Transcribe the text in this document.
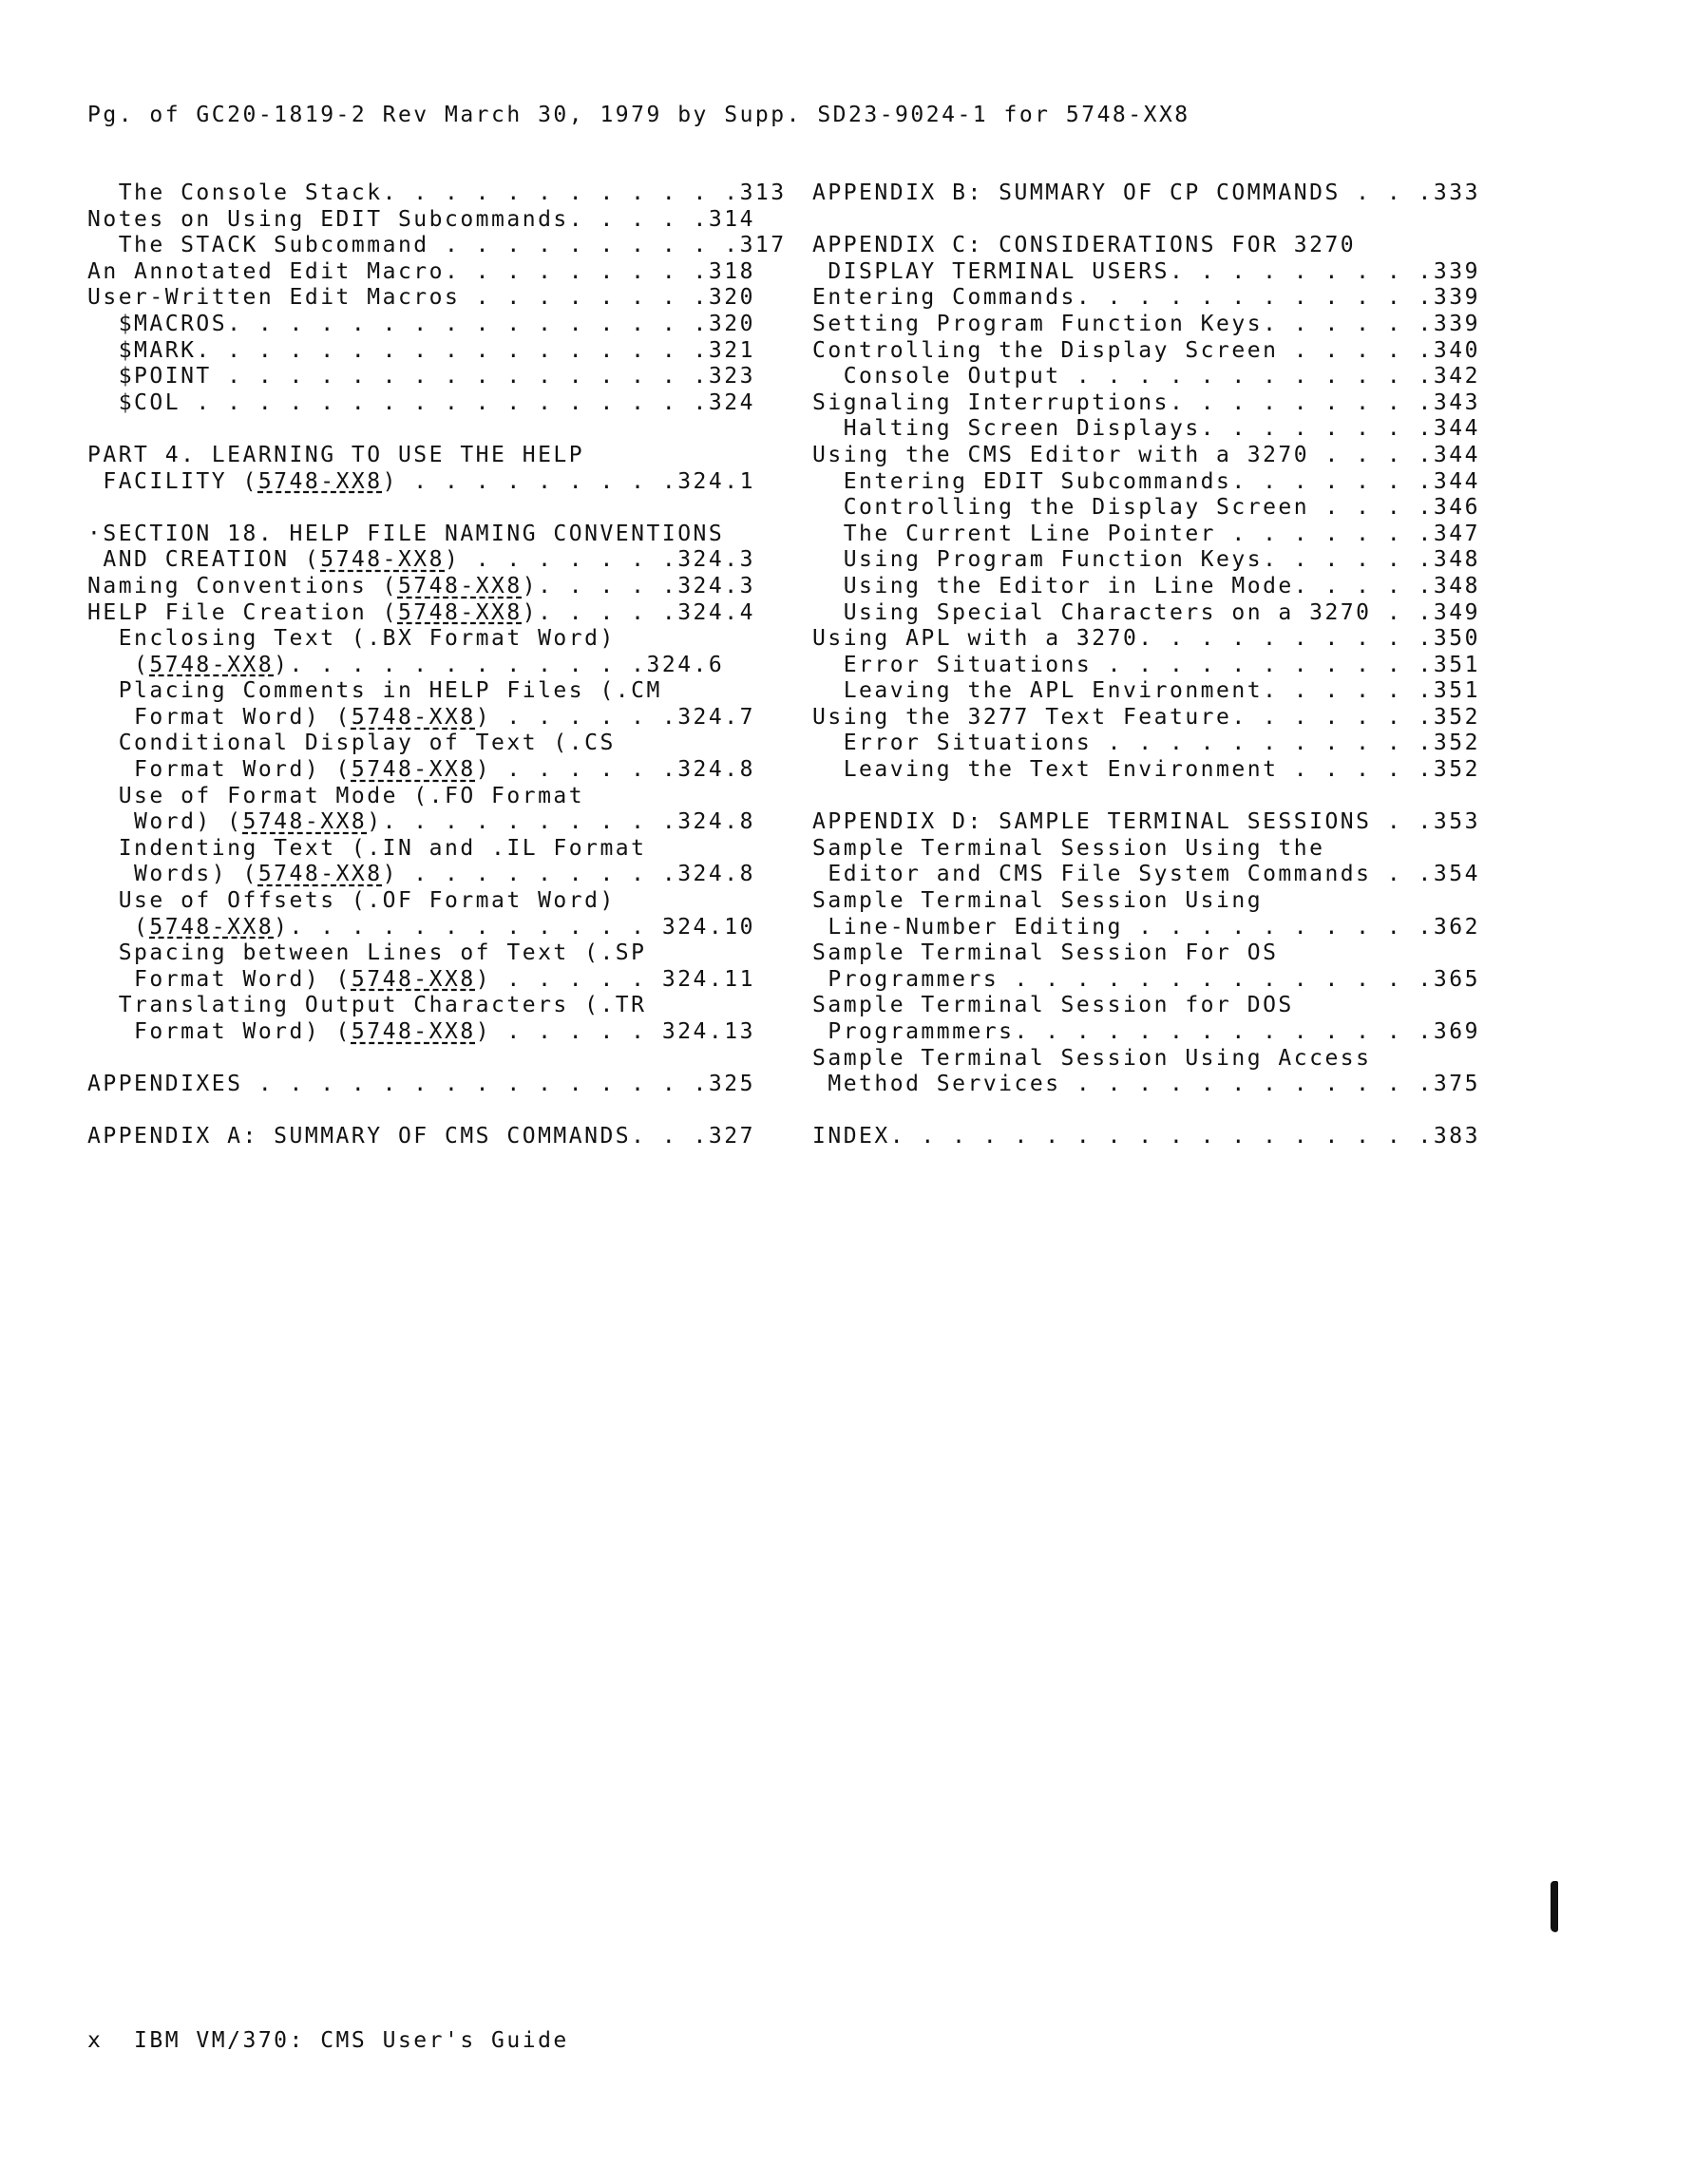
Pg. of GC20-1819-2 Rev March 30, 1979 by Supp. SD23-9024-1 for 5748-XX8
The Console Stack. . . . . . . . . . . .313
Notes on Using EDIT Subcommands. . . . .314
The STACK Subcommand . . . . . . . . . .317
An Annotated Edit Macro. . . . . . . . .318
User-Written Edit Macros . . . . . . . .320
$MACROS. . . . . . . . . . . . . . . .320
$MARK. . . . . . . . . . . . . . . . .321
$POINT . . . . . . . . . . . . . . . .323
$COL . . . . . . . . . . . . . . . . .324
PART 4. LEARNING TO USE THE HELP
FACILITY (5748-XX8) . . . . . . . . .324.1
·SECTION 18. HELP FILE NAMING CONVENTIONS
AND CREATION (5748-XX8) . . . . . . .324.3
Naming Conventions (5748-XX8). . . . .324.3
HELP File Creation (5748-XX8). . . . .324.4
Enclosing Text (.BX Format Word)
(5748-XX8). . . . . . . . . . . .324.6
Placing Comments in HELP Files (.CM
Format Word) (5748-XX8) . . . . . .324.7
Conditional Display of Text (.CS
Format Word) (5748-XX8) . . . . . .324.8
Use of Format Mode (.FO Format
Word) (5748-XX8). . . . . . . . . .324.8
Indenting Text (.IN and .IL Format
Words) (5748-XX8) . . . . . . . . .324.8
Use of Offsets (.OF Format Word)
(5748-XX8). . . . . . . . . . . . 324.10
Spacing between Lines of Text (.SP
Format Word) (5748-XX8) . . . . . 324.11
Translating Output Characters (.TR
Format Word) (5748-XX8) . . . . . 324.13
APPENDIXES . . . . . . . . . . . . . . .325
APPENDIX A: SUMMARY OF CMS COMMANDS. . .327
APPENDIX B: SUMMARY OF CP COMMANDS . . .333
APPENDIX C: CONSIDERATIONS FOR 3270
DISPLAY TERMINAL USERS. . . . . . . . .339
Entering Commands. . . . . . . . . . . .339
Setting Program Function Keys. . . . . .339
Controlling the Display Screen . . . . .340
Console Output . . . . . . . . . . . .342
Signaling Interruptions. . . . . . . . .343
Halting Screen Displays. . . . . . . .344
Using the CMS Editor with a 3270 . . . .344
Entering EDIT Subcommands. . . . . . .344
Controlling the Display Screen . . . .346
The Current Line Pointer . . . . . . .347
Using Program Function Keys. . . . . .348
Using the Editor in Line Mode. . . . .348
Using Special Characters on a 3270 . .349
Using APL with a 3270. . . . . . . . . .350
Error Situations . . . . . . . . . . .351
Leaving the APL Environment. . . . . .351
Using the 3277 Text Feature. . . . . . .352
Error Situations . . . . . . . . . . .352
Leaving the Text Environment . . . . .352
APPENDIX D: SAMPLE TERMINAL SESSIONS . .353
Sample Terminal Session Using the
Editor and CMS File System Commands . .354
Sample Terminal Session Using
Line-Number Editing . . . . . . . . . .362
Sample Terminal Session For OS
Programmers . . . . . . . . . . . . . .365
Sample Terminal Session for DOS
Programmmers. . . . . . . . . . . . . .369
Sample Terminal Session Using Access
Method Services . . . . . . . . . . . .375
INDEX. . . . . . . . . . . . . . . . . .383
x  IBM VM/370: CMS User's Guide
